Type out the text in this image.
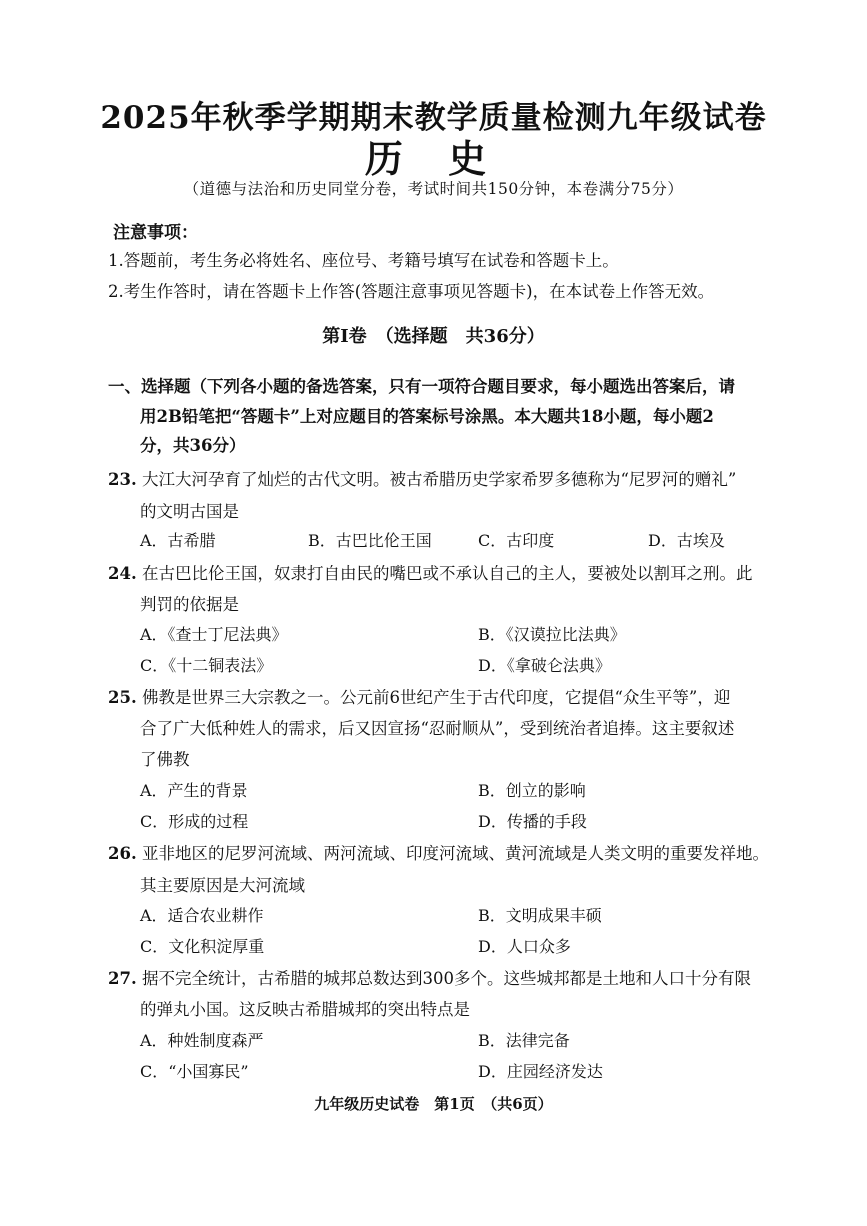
2025年秋季学期期末教学质量检测九年级试卷
历 史
（道德与法治和历史同堂分卷，考试时间共150分钟，本卷满分75分）
注意事项：
1.答题前，考生务必将姓名、座位号、考籍号填写在试卷和答题卡上。
2.考生作答时，请在答题卡上作答(答题注意事项见答题卡)，在本试卷上作答无效。
第Ⅰ卷　（选择题　共36分）
一、选择题（下列各小题的备选答案，只有一项符合题目要求，每小题选出答案后，请
用2B铅笔把“答题卡”上对应题目的答案标号涂黑。本大题共18小题，每小题2
分，共36分）
23. 大江大河孕育了灿烂的古代文明。被古希腊历史学家希罗多德称为“尼罗河的赠礼”
的文明古国是
A．古希腊	B．古巴比伦王国	C．古印度	D．古埃及
24. 在古巴比伦王国，奴隶打自由民的嘴巴或不承认自己的主人，要被处以割耳之刑。此
判罚的依据是
A．《查士丁尼法典》	B．《汉谟拉比法典》
C．《十二铜表法》	D．《拿破仑法典》
25. 佛教是世界三大宗教之一。公元前6世纪产生于古代印度，它提倡“众生平等”，迎
合了广大低种姓人的需求，后又因宣扬“忍耐顺从”，受到统治者追捧。这主要叙述
了佛教
A．产生的背景	B．创立的影响
C．形成的过程	D．传播的手段
26. 亚非地区的尼罗河流域、两河流域、印度河流域、黄河流域是人类文明的重要发祥地。
其主要原因是大河流域
A．适合农业耕作	B．文明成果丰硕
C．文化积淀厚重	D．人口众多
27. 据不完全统计，古希腊的城邦总数达到300多个。这些城邦都是土地和人口十分有限
的弹丸小国。这反映古希腊城邦的突出特点是
A．种姓制度森严	B．法律完备
C．“小国寡民”	D．庄园经济发达
九年级历史试卷　第1页　（共6页）
